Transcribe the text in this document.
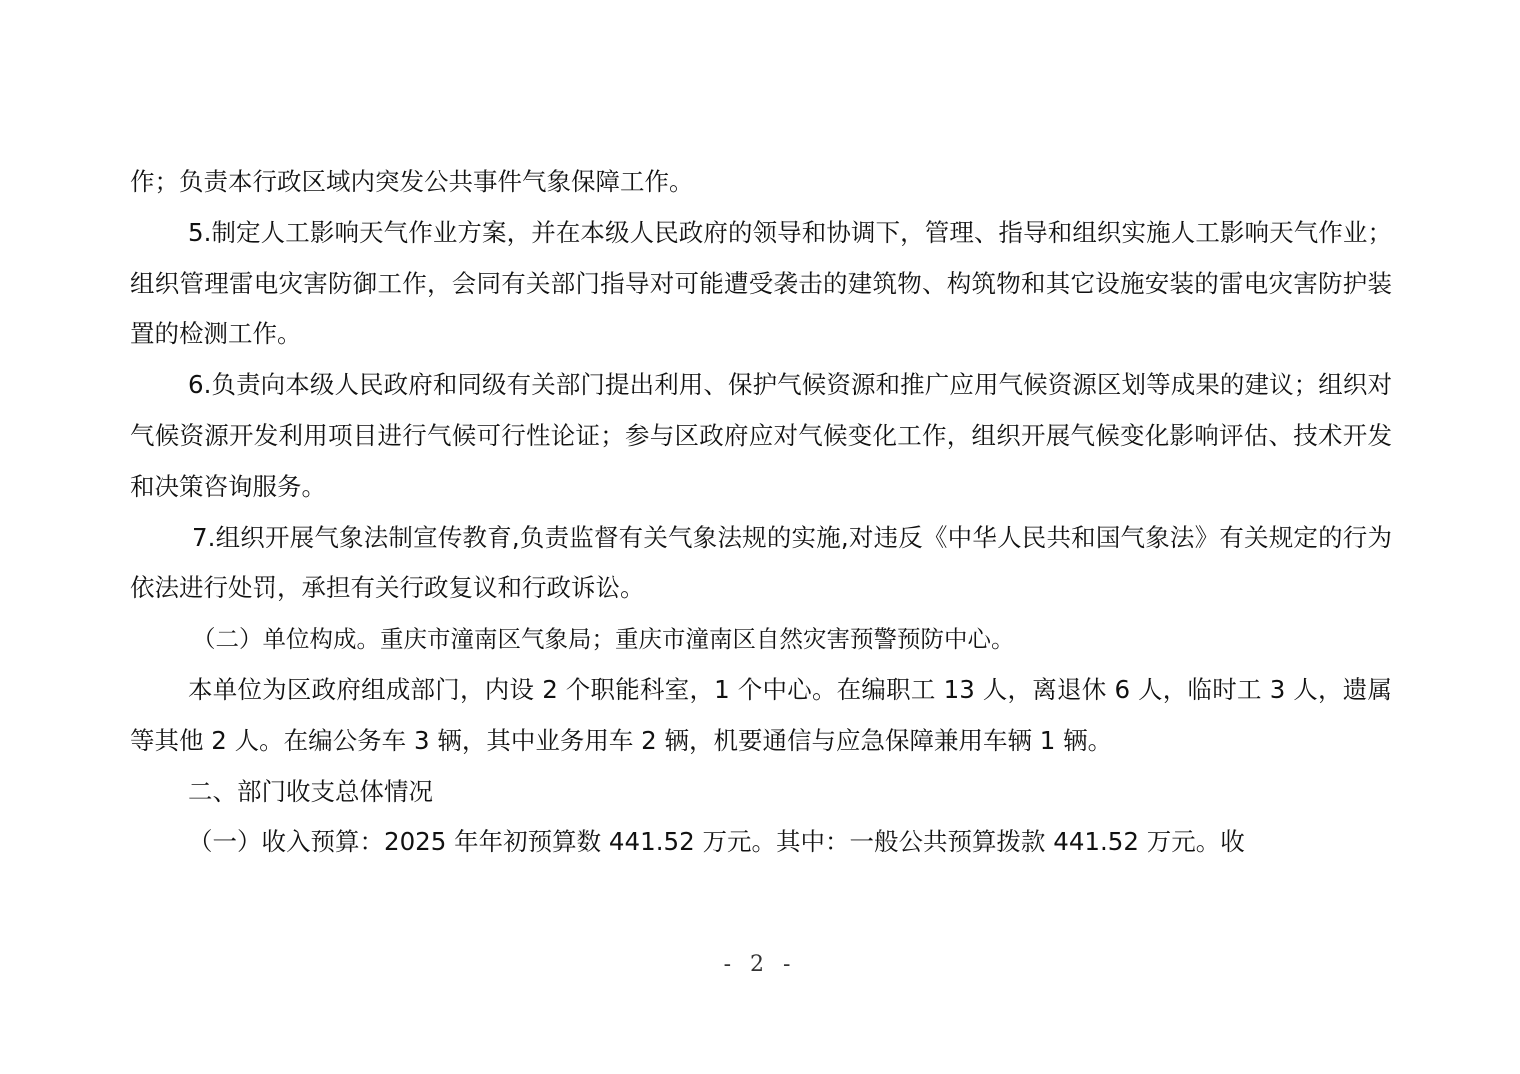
作；负责本行政区域内突发公共事件气象保障工作。

5.制定人工影响天气作业方案，并在本级人民政府的领导和协调下，管理、指导和组织实施人工影响天气作业；组织管理雷电灾害防御工作，会同有关部门指导对可能遭受袭击的建筑物、构筑物和其它设施安装的雷电灾害防护装置的检测工作。

6.负责向本级人民政府和同级有关部门提出利用、保护气候资源和推广应用气候资源区划等成果的建议；组织对气候资源开发利用项目进行气候可行性论证；参与区政府应对气候变化工作，组织开展气候变化影响评估、技术开发和决策咨询服务。

7.组织开展气象法制宣传教育,负责监督有关气象法规的实施,对违反《中华人民共和国气象法》有关规定的行为依法进行处罚，承担有关行政复议和行政诉讼。

（二）单位构成。重庆市潼南区气象局；重庆市潼南区自然灾害预警预防中心。

本单位为区政府组成部门，内设 2 个职能科室，1 个中心。在编职工 13 人，离退休 6 人，临时工 3 人，遗属等其他 2 人。在编公务车 3 辆，其中业务用车 2 辆，机要通信与应急保障兼用车辆 1 辆。

二、部门收支总体情况

（一）收入预算：2025 年年初预算数 441.52 万元。其中：一般公共预算拨款 441.52 万元。收

- 2 -
